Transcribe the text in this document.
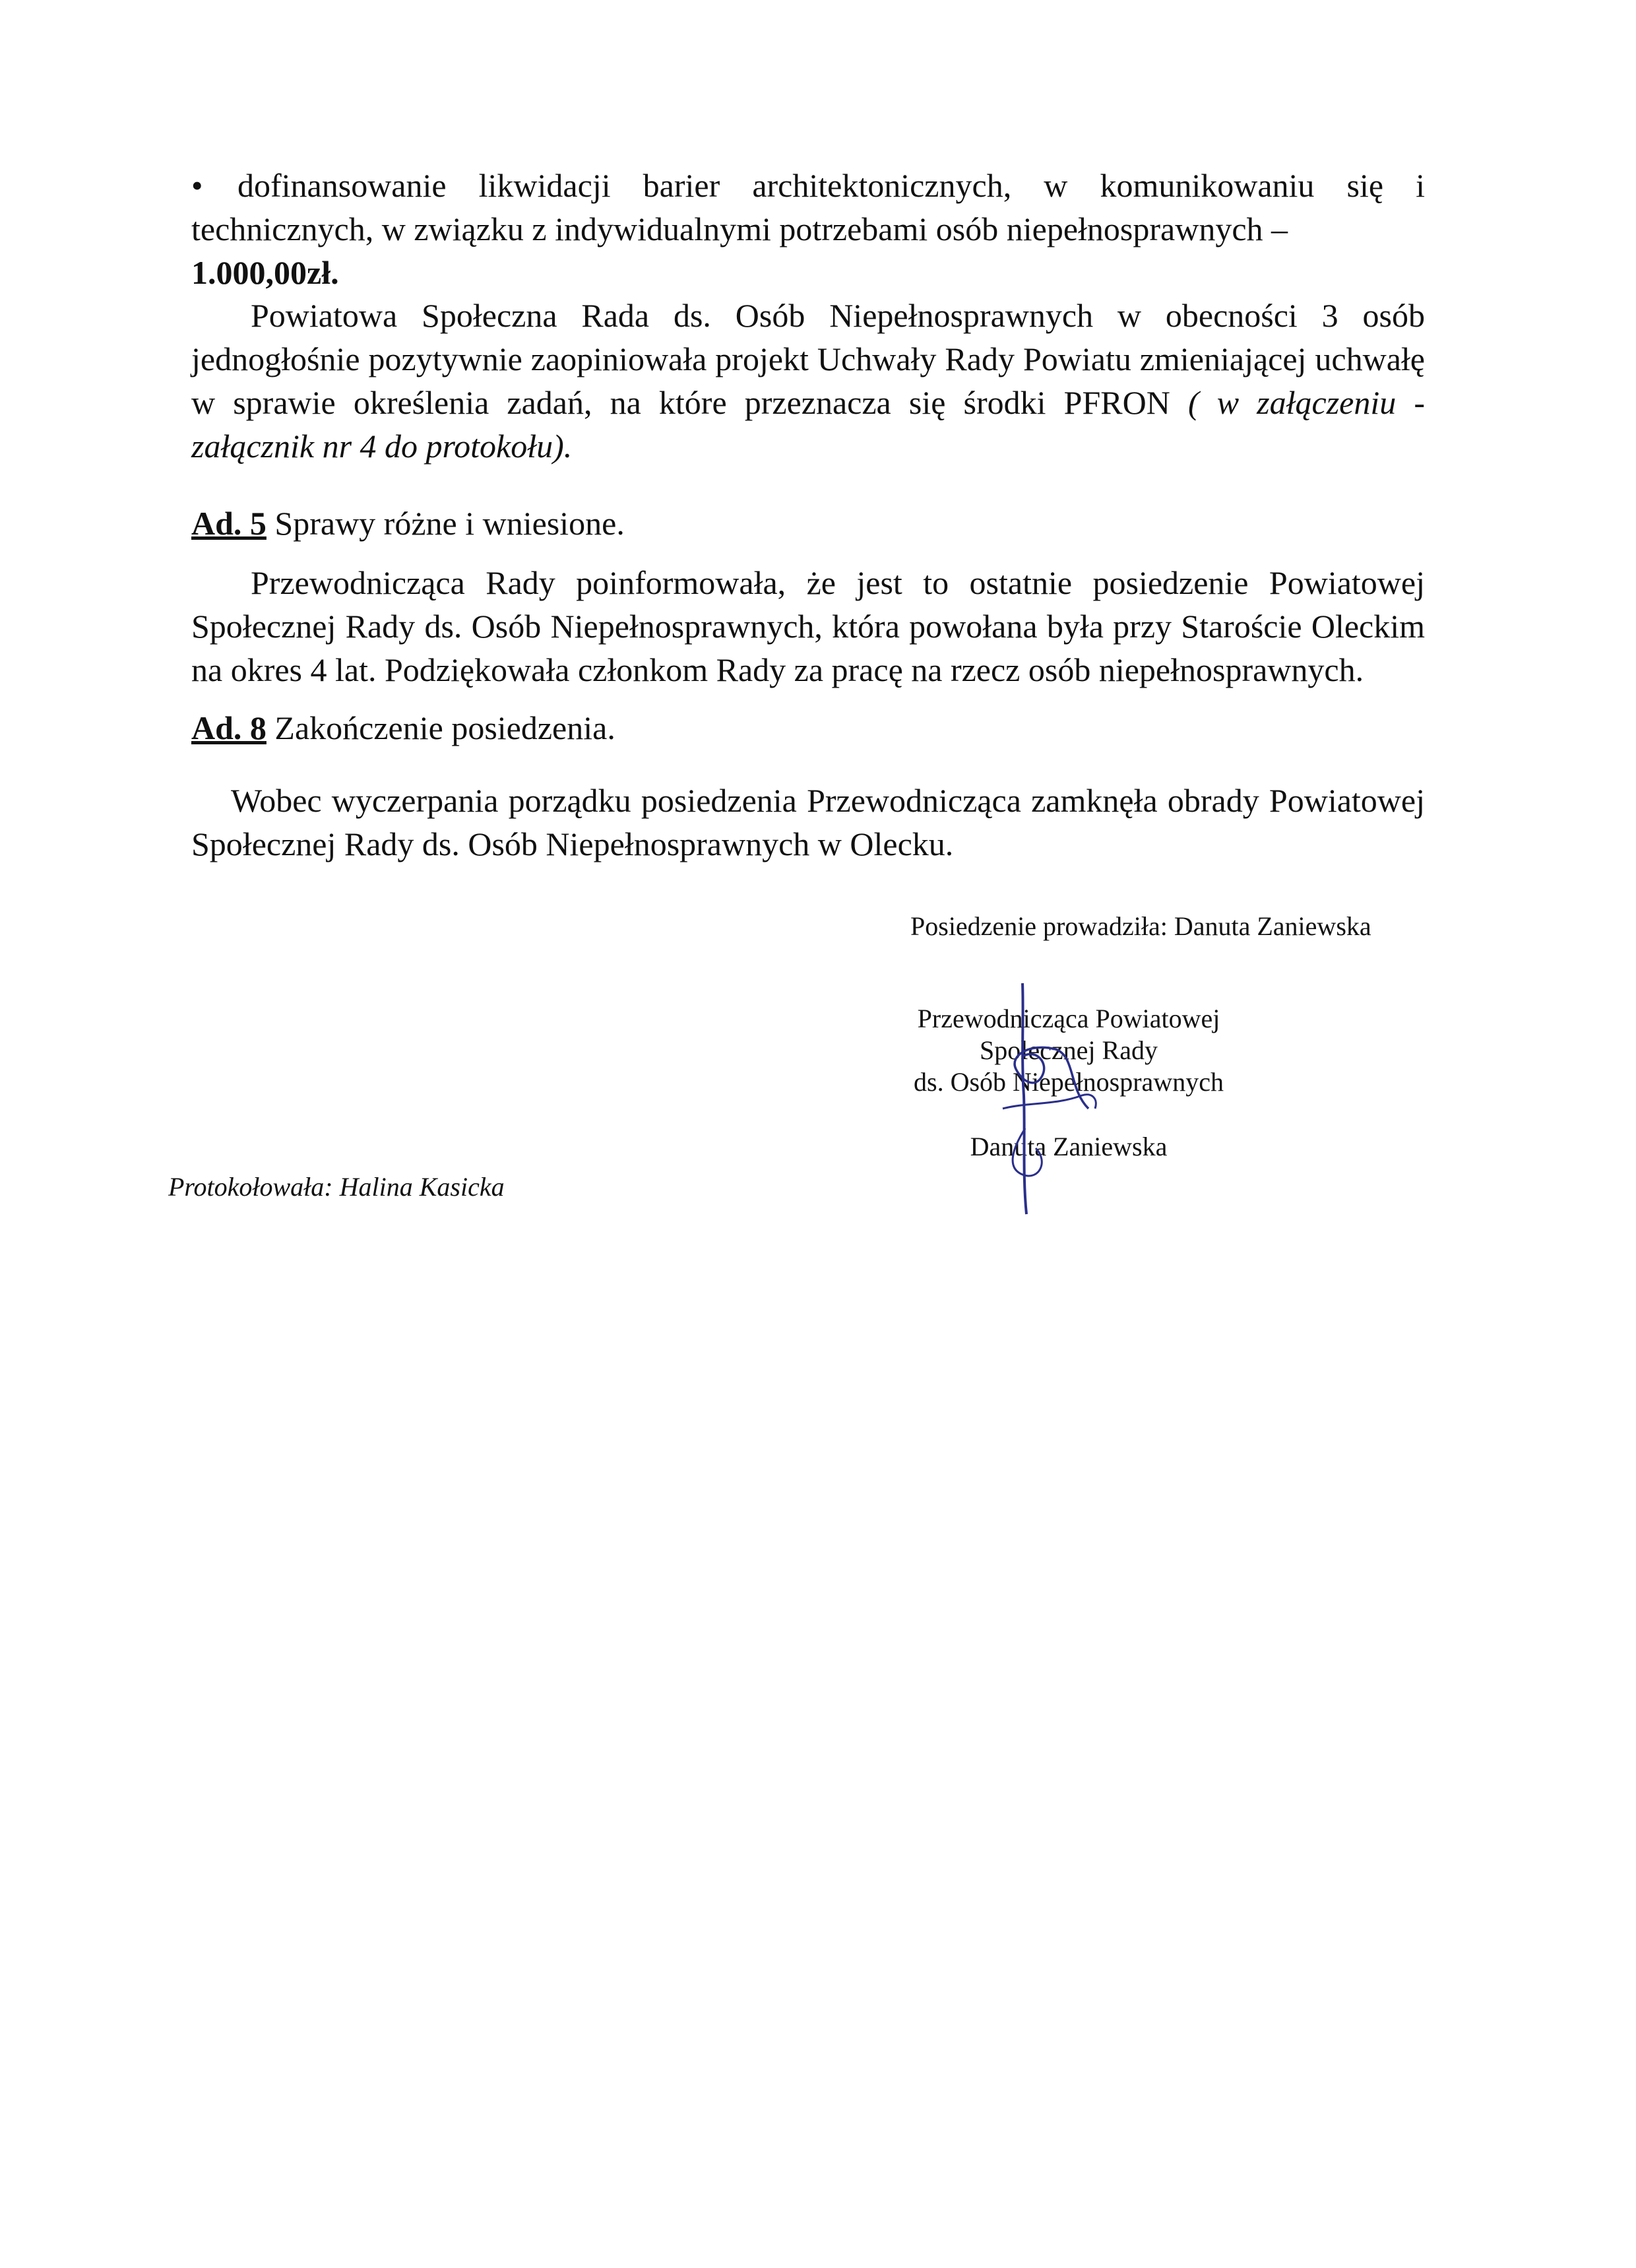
• dofinansowanie likwidacji barier architektonicznych, w komunikowaniu się i technicznych, w związku z indywidualnymi potrzebami osób niepełnosprawnych –
1.000,00zł.
Powiatowa Społeczna Rada ds. Osób Niepełnosprawnych w obecności 3 osób jednogłośnie pozytywnie zaopiniowała projekt Uchwały Rady Powiatu zmieniającej uchwałę w sprawie określenia zadań, na które przeznacza się środki PFRON ( w załączeniu - załącznik nr 4 do protokołu).
Ad. 5 Sprawy różne i wniesione.
Przewodnicząca Rady poinformowała, że jest to ostatnie posiedzenie Powiatowej Społecznej Rady ds. Osób Niepełnosprawnych, która powołana była przy Staroście Oleckim na okres 4 lat. Podziękowała członkom Rady za pracę na rzecz osób niepełnosprawnych.
Ad. 8 Zakończenie posiedzenia.
Wobec wyczerpania porządku posiedzenia Przewodnicząca zamknęła obrady Powiatowej Społecznej Rady ds. Osób Niepełnosprawnych w Olecku.
Posiedzenie prowadziła: Danuta Zaniewska
Przewodnicząca Powiatowej
Społecznej Rady
ds. Osób Niepełnosprawnych
Danuta Zaniewska
Protokołowała: Halina Kasicka
